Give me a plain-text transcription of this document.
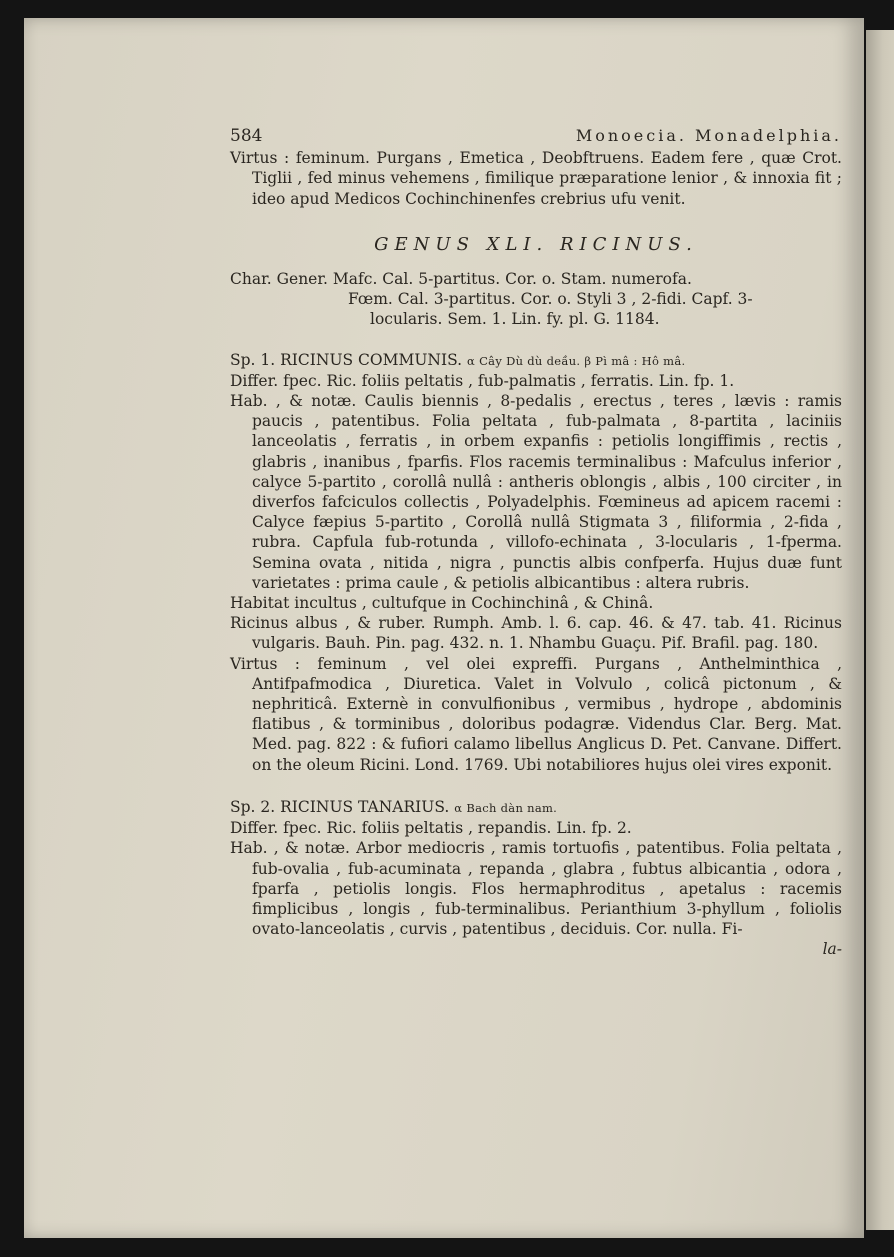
584	Monoecia. Monadelphia.

Virtus : feminum. Purgans , Emetica , Deobftruens. Eadem fere , quæ Crot. Tiglii , fed minus vehemens , fimilique præparatione lenior , & innoxia fit ; ideo apud Medicos Cochinchinenfes crebrius ufu venit.

GENUS XLI. RICINUS.

Char. Gener. Mafc. Cal. 5-partitus. Cor. o. Stam. numerofa.

Fœm. Cal. 3-partitus. Cor. o. Styli 3 , 2-fidi. Capf. 3-

locularis. Sem. 1. Lin. fy. pl. G. 1184.

Sp. 1. RICINUS COMMUNIS. α Cây Dù dù deầu. β Pì mâ : Hô mâ.

Differ. fpec. Ric. foliis peltatis , fub-palmatis , ferratis. Lin. fp. 1.

Hab. , & notæ. Caulis biennis , 8-pedalis , erectus , teres , lævis : ramis paucis , patentibus. Folia peltata , fub-palmata , 8-partita , laciniis lanceolatis , ferratis , in orbem expanfis : petiolis longiffimis , rectis , glabris , inanibus , fparfis. Flos racemis terminalibus : Mafculus inferior , calyce 5-partito , corollâ nullâ : antheris oblongis , albis , 100 circiter , in diverfos fafciculos collectis , Polyadelphis. Fœmineus ad apicem racemi : Calyce fæpius 5-partito , Corollâ nullâ Stigmata 3 , filiformia , 2-fida , rubra. Capfula fub-rotunda , villofo-echinata , 3-locularis , 1-fperma. Semina ovata , nitida , nigra , punctis albis confperfa. Hujus duæ funt varietates : prima caule , & petiolis albicantibus : altera rubris.

Habitat incultus , cultufque in Cochinchinâ , & Chinâ.

Ricinus albus , & ruber. Rumph. Amb. l. 6. cap. 46. & 47. tab. 41. Ricinus vulgaris. Bauh. Pin. pag. 432. n. 1. Nhambu Guaçu. Pif. Brafil. pag. 180.

Virtus : feminum , vel olei expreffi. Purgans , Anthelminthica , Antifpafmodica , Diuretica. Valet in Volvulo , colicâ pictonum , & nephriticâ. Externè in convulfionibus , vermibus , hydrope , abdominis flatibus , & torminibus , doloribus podagræ. Videndus Clar. Berg. Mat. Med. pag. 822 : & fufiori calamo libellus Anglicus D. Pet. Canvane. Differt. on the oleum Ricini. Lond. 1769. Ubi notabiliores hujus olei vires exponit.

Sp. 2. RICINUS TANARIUS. α Bach dàn nam.

Differ. fpec. Ric. foliis peltatis , repandis. Lin. fp. 2.

Hab. , & notæ. Arbor mediocris , ramis tortuofis , patentibus. Folia peltata , fub-ovalia , fub-acuminata , repanda , glabra , fubtus albicantia , odora , fparfa , petiolis longis. Flos hermaphroditus , apetalus : racemis fimplicibus , longis , fub-terminalibus. Perianthium 3-phyllum , foliolis ovato-lanceolatis , curvis , patentibus , deciduis. Cor. nulla. Fi-

la-
